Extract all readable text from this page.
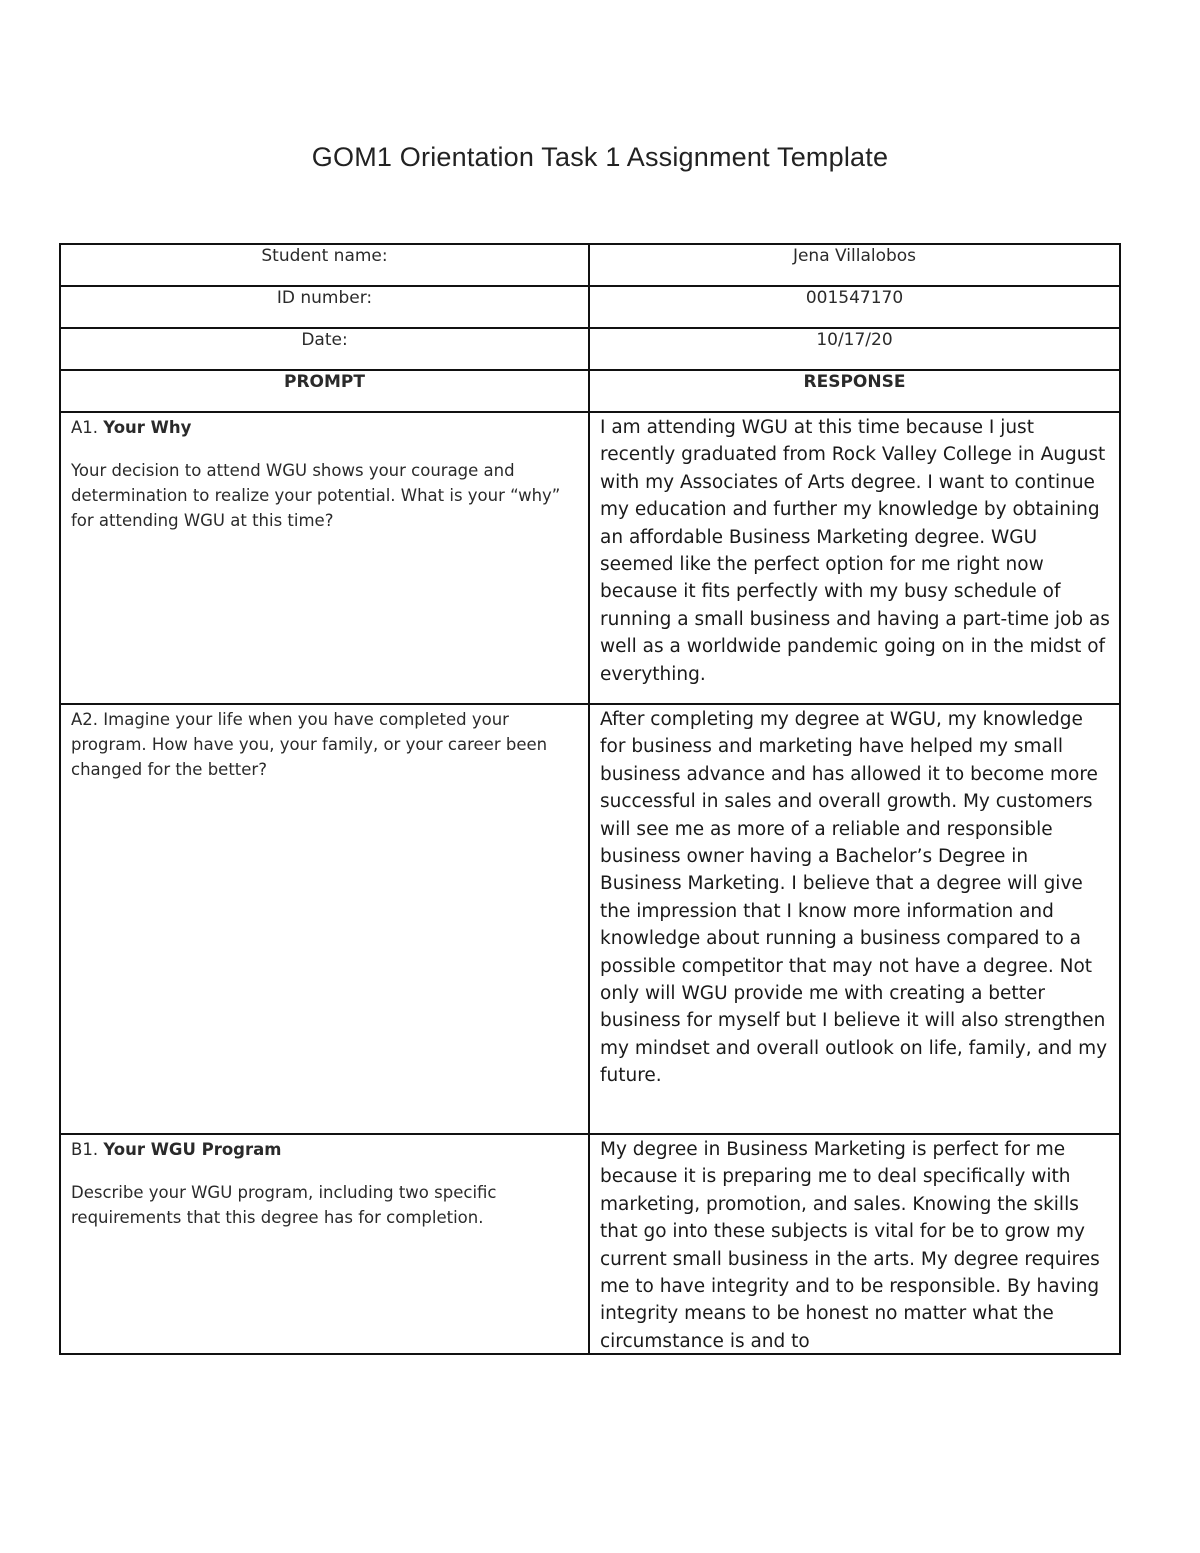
GOM1 Orientation Task 1 Assignment Template
Student name:	Jena Villalobos
ID number:	001547170
Date:	10/17/20
PROMPT	RESPONSE

A1. Your Why
Your decision to attend WGU shows your courage and determination to realize your potential. What is your “why” for attending WGU at this time?	I am attending WGU at this time because I just recently graduated from Rock Valley College in August with my Associates of Arts degree. I want to continue my education and further my knowledge by obtaining an affordable Business Marketing degree. WGU seemed like the perfect option for me right now because it fits perfectly with my busy schedule of running a small business and having a part-time job as well as a worldwide pandemic going on in the midst of everything.
A2. Imagine your life when you have completed your program. How have you, your family, or your career been changed for the better?	After completing my degree at WGU, my knowledge for business and marketing have helped my small business advance and has allowed it to become more successful in sales and overall growth. My customers will see me as more of a reliable and responsible business owner having a Bachelor’s Degree in Business Marketing. I believe that a degree will give the impression that I know more information and knowledge about running a business compared to a possible competitor that may not have a degree. Not only will WGU provide me with creating a better business for myself but I believe it will also strengthen my mindset and overall outlook on life, family, and my future.

B1. Your WGU Program
Describe your WGU program, including two specific requirements that this degree has for completion.	My degree in Business Marketing is perfect for me because it is preparing me to deal specifically with marketing, promotion, and sales. Knowing the skills that go into these subjects is vital for be to grow my current small business in the arts. My degree requires me to have integrity and to be responsible. By having integrity means to be honest no matter what the circumstance is and to
